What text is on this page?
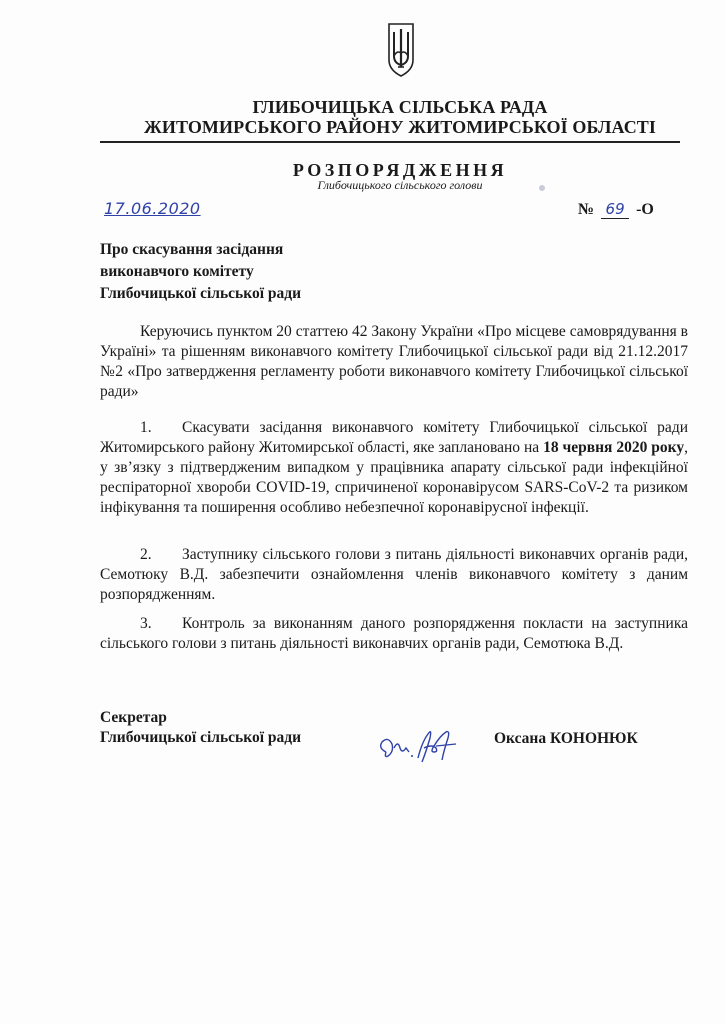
ГЛИБОЧИЦЬКА СІЛЬСЬКА РАДА
ЖИТОМИРСЬКОГО РАЙОНУ ЖИТОМИРСЬКОЇ ОБЛАСТІ
РОЗПОРЯДЖЕННЯ
Глибочицького сільського голови
17.06.2020	№ 69 -О
Про скасування засідання
виконавчого комітету
Глибочицької сільської ради
Керуючись пунктом 20 статтею 42 Закону України «Про місцеве самоврядування в Україні» та рішенням виконавчого комітету Глибочицької сільської ради від 21.12.2017 №2 «Про затвердження регламенту роботи виконавчого комітету Глибочицької сільської ради»
1. Скасувати засідання виконавчого комітету Глибочицької сільської ради Житомирського району Житомирської області, яке заплановано на 18 червня 2020 року, у зв’язку з підтвердженим випадком у працівника апарату сільської ради інфекційної респіраторної хвороби COVID-19, спричиненої коронавірусом SARS-CoV-2 та ризиком інфікування та поширення особливо небезпечної коронавірусної інфекції.
2. Заступнику сільського голови з питань діяльності виконавчих органів ради, Семотюку В.Д. забезпечити ознайомлення членів виконавчого комітету з даним розпорядженням.
3. Контроль за виконанням даного розпорядження покласти на заступника сільського голови з питань діяльності виконавчих органів ради, Семотюка В.Д.
Секретар
Глибочицької сільської ради	Оксана КОНОНЮК
